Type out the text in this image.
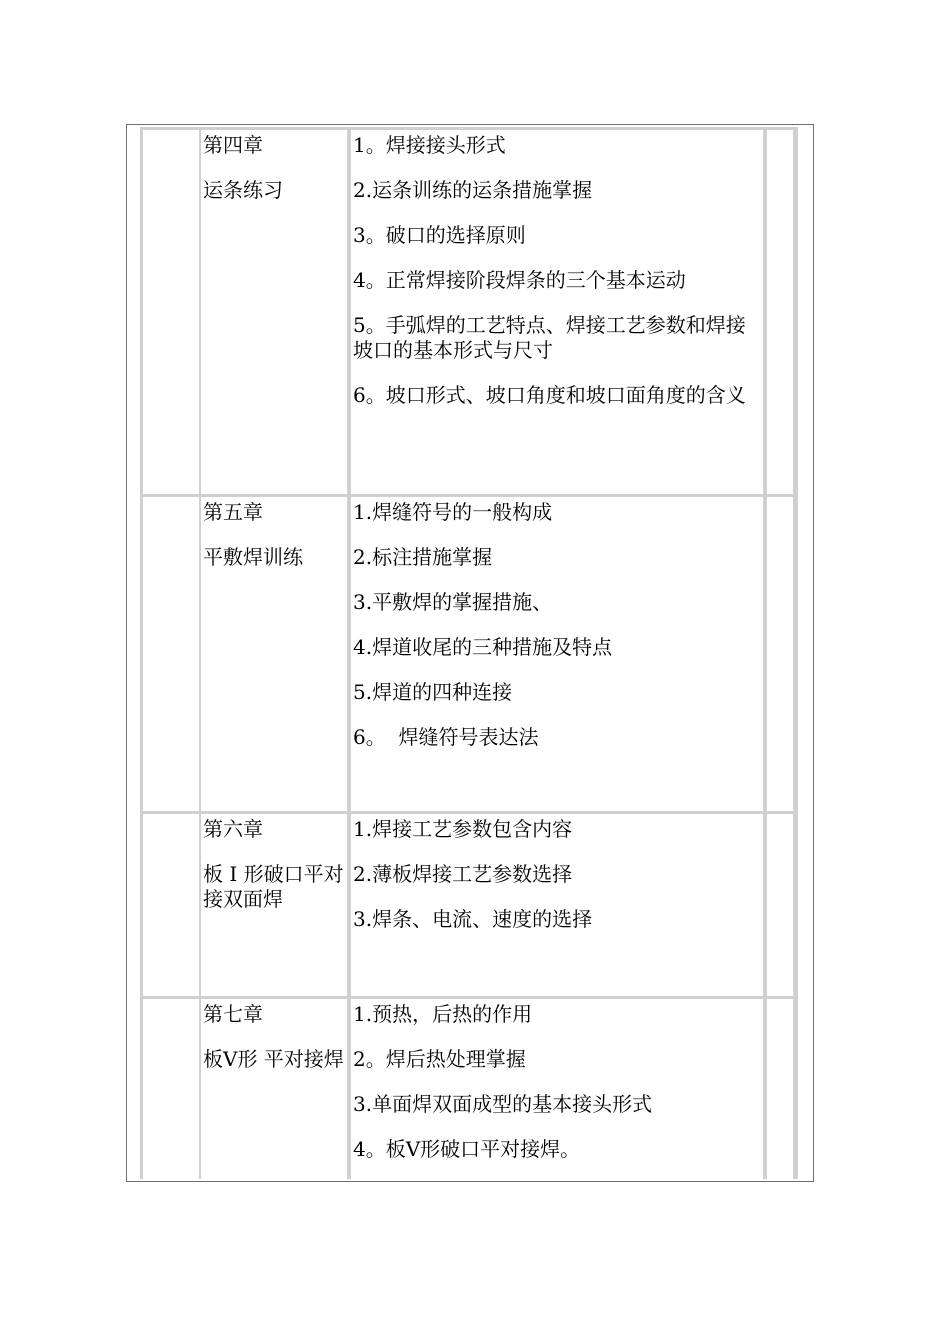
第四章
运条练习
1。焊接接头形式
2.运条训练的运条措施掌握
3。破口的选择原则
4。正常焊接阶段焊条的三个基本运动
5。手弧焊的工艺特点、焊接工艺参数和焊接坡口的基本形式与尺寸
6。坡口形式、坡口角度和坡口面角度的含义
第五章
平敷焊训练
1.焊缝符号的一般构成
2.标注措施掌握
3.平敷焊的掌握措施、
4.焊道收尾的三种措施及特点
5.焊道的四种连接
6。  焊缝符号表达法
第六章
板 I 形破口平对接双面焊
1.焊接工艺参数包含内容
2.薄板焊接工艺参数选择
3.焊条、电流、速度的选择
第七章
板V形 平对接焊
1.预热，后热的作用
2。焊后热处理掌握
3.单面焊双面成型的基本接头形式
4。板V形破口平对接焊。
